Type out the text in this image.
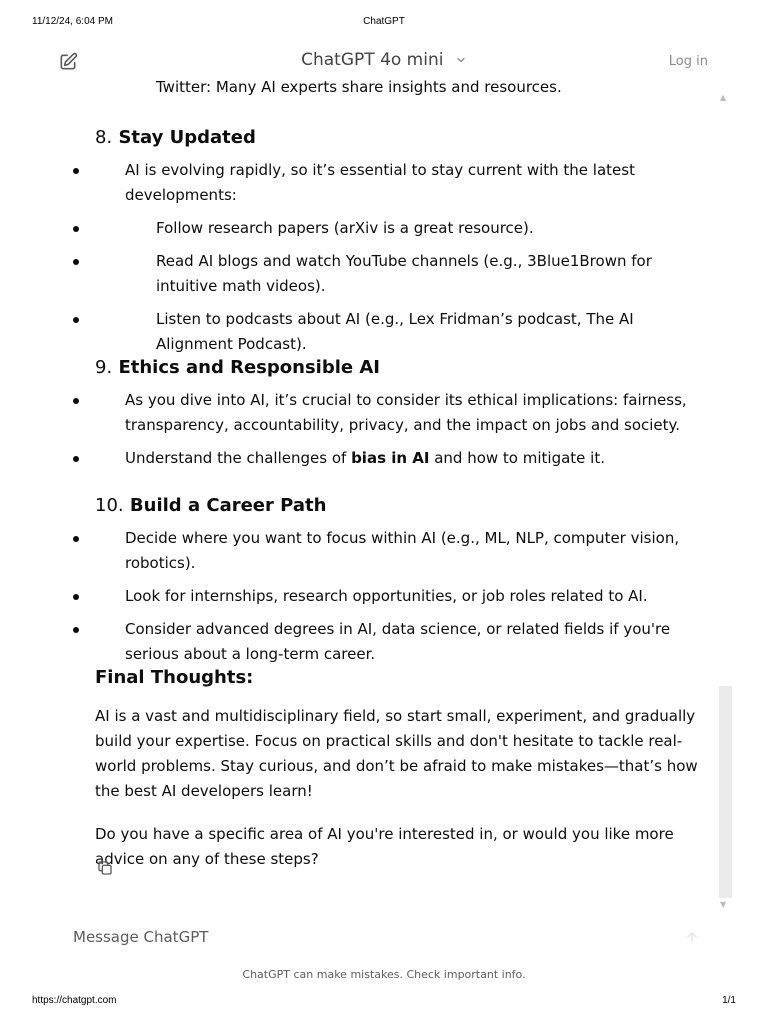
11/12/24, 6:04 PM	ChatGPT
ChatGPT 4o mini	Log in
Twitter: Many AI experts share insights and resources.
8. Stay Updated
AI is evolving rapidly, so it’s essential to stay current with the latest developments:
Follow research papers (arXiv is a great resource).
Read AI blogs and watch YouTube channels (e.g., 3Blue1Brown for intuitive math videos).
Listen to podcasts about AI (e.g., Lex Fridman’s podcast, The AI Alignment Podcast).
9. Ethics and Responsible AI
As you dive into AI, it’s crucial to consider its ethical implications: fairness, transparency, accountability, privacy, and the impact on jobs and society.
Understand the challenges of bias in AI and how to mitigate it.
10. Build a Career Path
Decide where you want to focus within AI (e.g., ML, NLP, computer vision, robotics).
Look for internships, research opportunities, or job roles related to AI.
Consider advanced degrees in AI, data science, or related fields if you're serious about a long-term career.
Final Thoughts:

AI is a vast and multidisciplinary field, so start small, experiment, and gradually build your expertise. Focus on practical skills and don't hesitate to tackle real-world problems. Stay curious, and don’t be afraid to make mistakes—that’s how the best AI developers learn!

Do you have a specific area of AI you're interested in, or would you like more advice on any of these steps?

▲
▼
Message ChatGPT
ChatGPT can make mistakes. Check important info.
https://chatgpt.com	1/1
